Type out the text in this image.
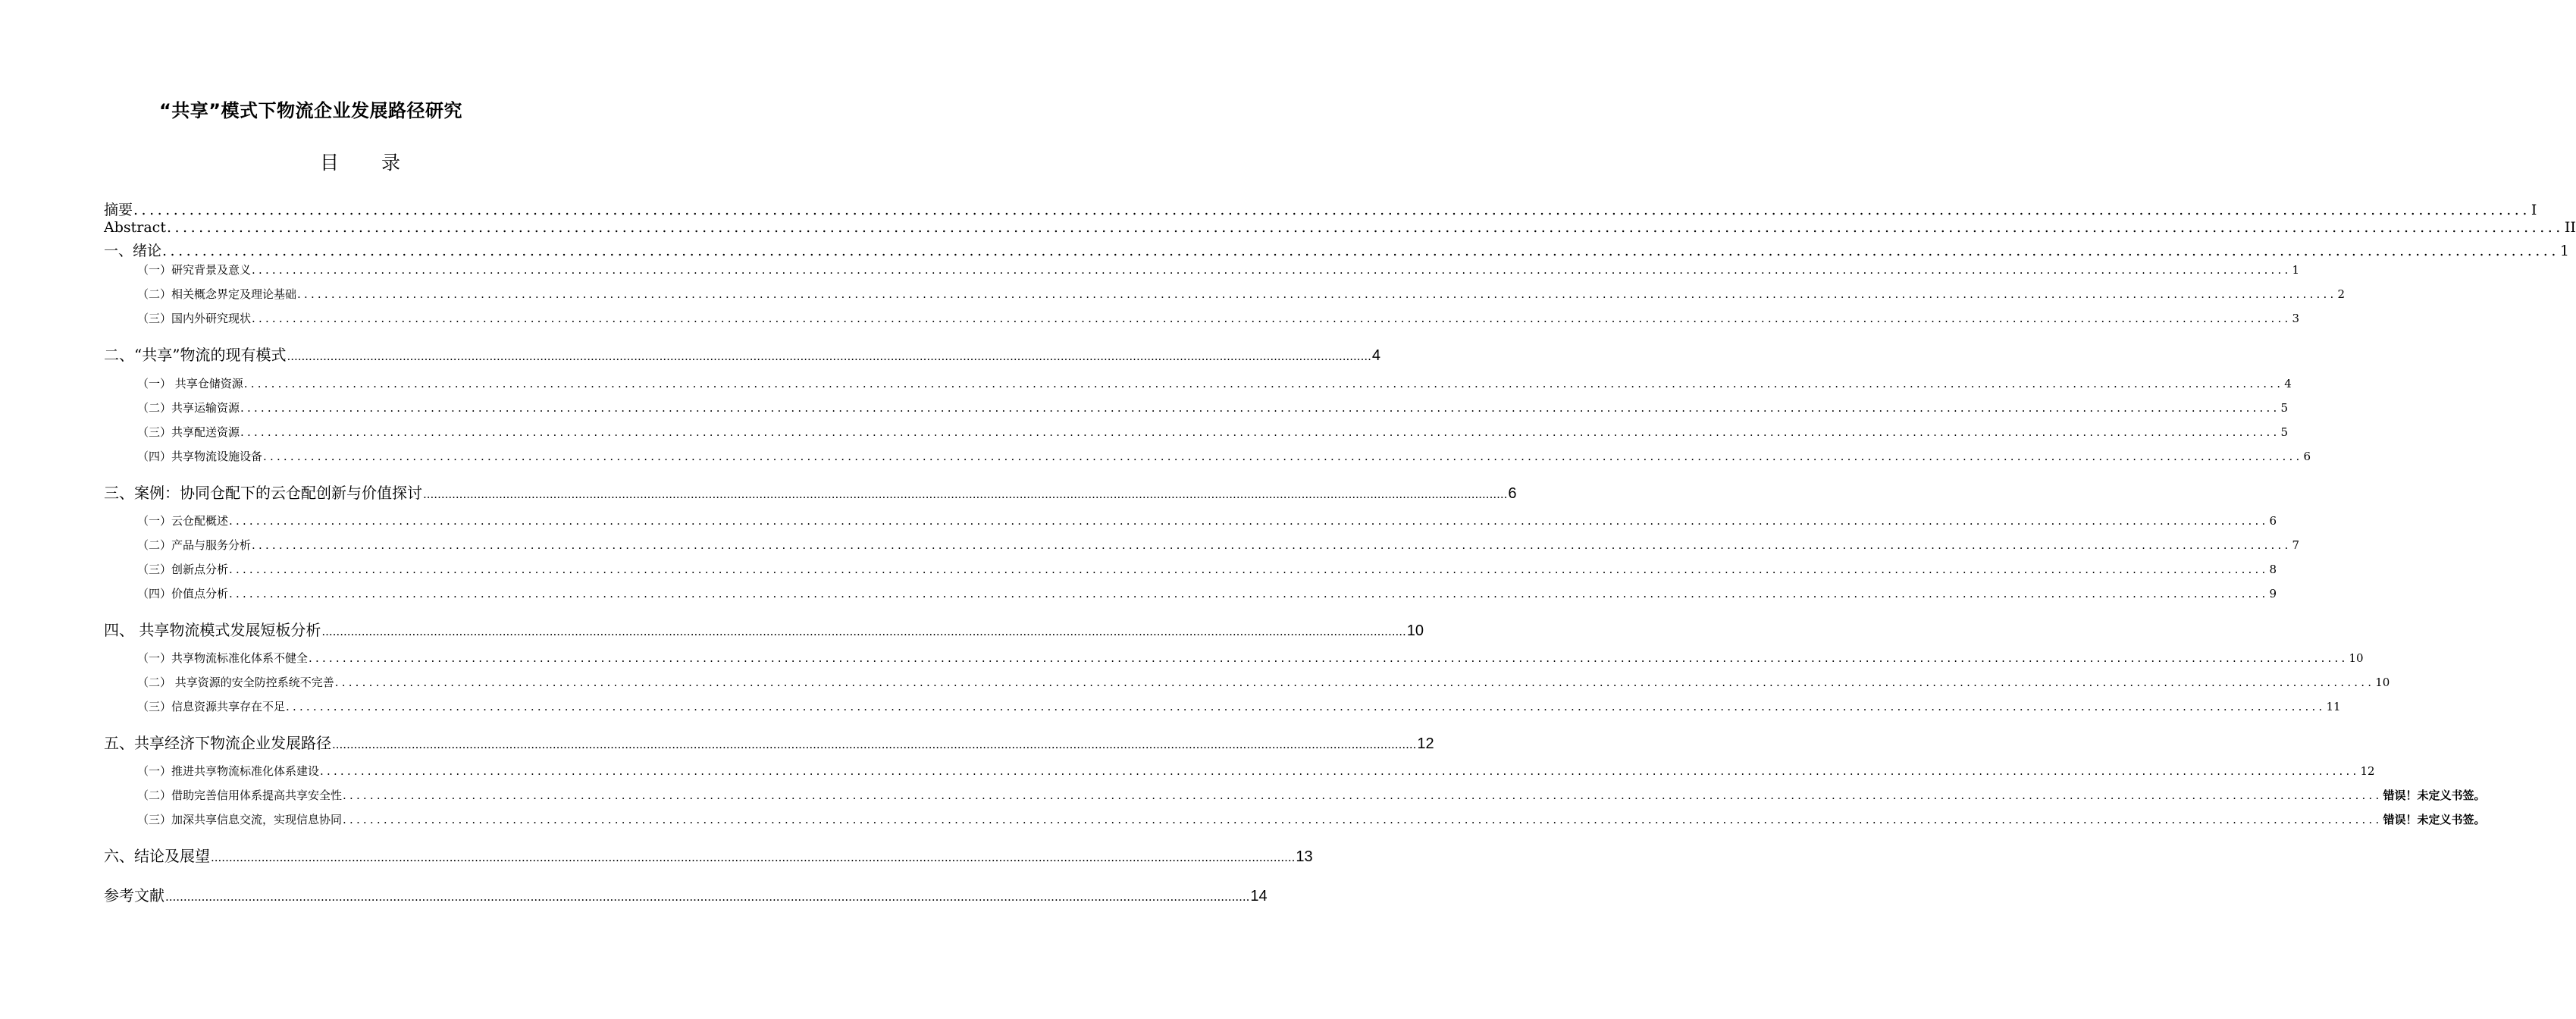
“共享”模式下物流企业发展路径研究
目 录
摘要 ............................................................................................................................................................................................................................................................................................................ I
Abstract ............................................................................................................................................................................................................................................................................................................ II
一、绪论 ............................................................................................................................................................................................................................................................................................................ 1
（一）研究背景及意义 ............................................................................................................................................................................................................................................................................................................ 1
（二）相关概念界定及理论基础 ............................................................................................................................................................................................................................................................................................................ 2
（三）国内外研究现状 ............................................................................................................................................................................................................................................................................................................ 3
二、“共享”物流的现有模式 ............................................................................................................................................................................................................................................................................................................ 4
（一） 共享仓储资源 ............................................................................................................................................................................................................................................................................................................ 4
（二）共享运输资源 ............................................................................................................................................................................................................................................................................................................ 5
（三）共享配送资源 ............................................................................................................................................................................................................................................................................................................ 5
（四）共享物流设施设备 ............................................................................................................................................................................................................................................................................................................ 6
三、案例：协同仓配下的云仓配创新与价值探讨 ............................................................................................................................................................................................................................................................................................................ 6
（一）云仓配概述 ............................................................................................................................................................................................................................................................................................................ 6
（二）产品与服务分析 ............................................................................................................................................................................................................................................................................................................ 7
（三）创新点分析 ............................................................................................................................................................................................................................................................................................................ 8
（四）价值点分析 ............................................................................................................................................................................................................................................................................................................ 9
四、 共享物流模式发展短板分析 ............................................................................................................................................................................................................................................................................................................ 10
（一）共享物流标准化体系不健全 ............................................................................................................................................................................................................................................................................................................ 10
（二） 共享资源的安全防控系统不完善 ............................................................................................................................................................................................................................................................................................................ 10
（三）信息资源共享存在不足 ............................................................................................................................................................................................................................................................................................................ 11
五、共享经济下物流企业发展路径 ............................................................................................................................................................................................................................................................................................................ 12
（一）推进共享物流标准化体系建设 ............................................................................................................................................................................................................................................................................................................ 12
（二）借助完善信用体系提高共享安全性 ............................................................................................................................................................................................................................................................................................................ 错误！未定义书签。
（三）加深共享信息交流，实现信息协同 ............................................................................................................................................................................................................................................................................................................ 错误！未定义书签。
六、结论及展望 ............................................................................................................................................................................................................................................................................................................ 13
参考文献 ............................................................................................................................................................................................................................................................................................................ 14
